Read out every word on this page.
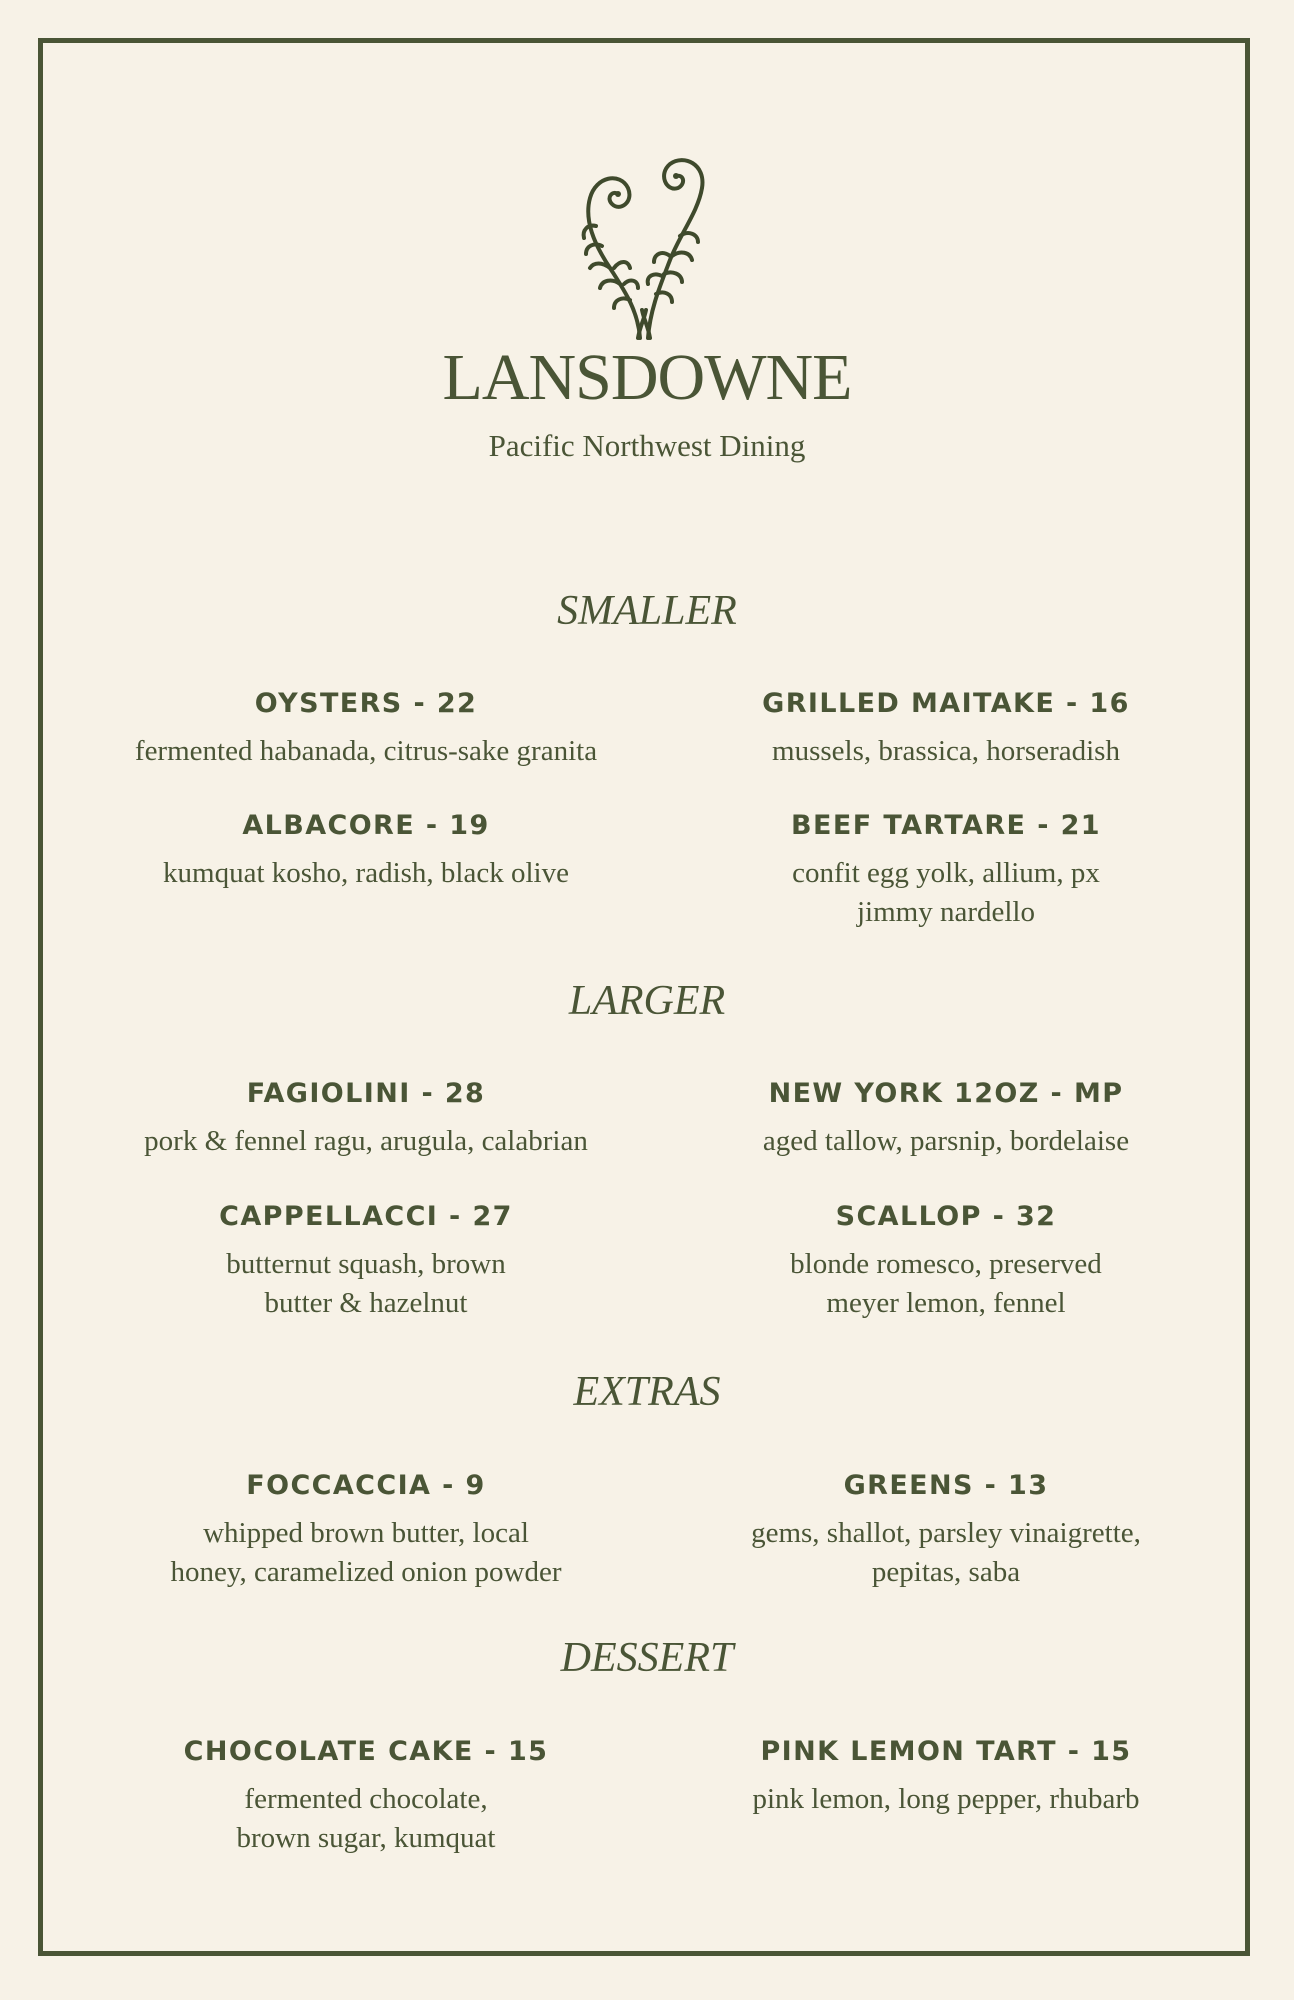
LANSDOWNE
Pacific Northwest Dining
SMALLER
OYSTERS - 22
fermented habanada, citrus-sake granita
GRILLED MAITAKE - 16
mussels, brassica, horseradish
ALBACORE - 19
kumquat kosho, radish, black olive
BEEF TARTARE - 21
confit egg yolk, allium, px
jimmy nardello
LARGER
FAGIOLINI - 28
pork & fennel ragu, arugula, calabrian
NEW YORK 12OZ - MP
aged tallow, parsnip, bordelaise
CAPPELLACCI - 27
butternut squash, brown
butter & hazelnut
SCALLOP - 32
blonde romesco, preserved
meyer lemon, fennel
EXTRAS
FOCCACCIA - 9
whipped brown butter, local
honey, caramelized onion powder
GREENS - 13
gems, shallot, parsley vinaigrette,
pepitas, saba
DESSERT
CHOCOLATE CAKE - 15
fermented chocolate,
brown sugar, kumquat
PINK LEMON TART - 15
pink lemon, long pepper, rhubarb
